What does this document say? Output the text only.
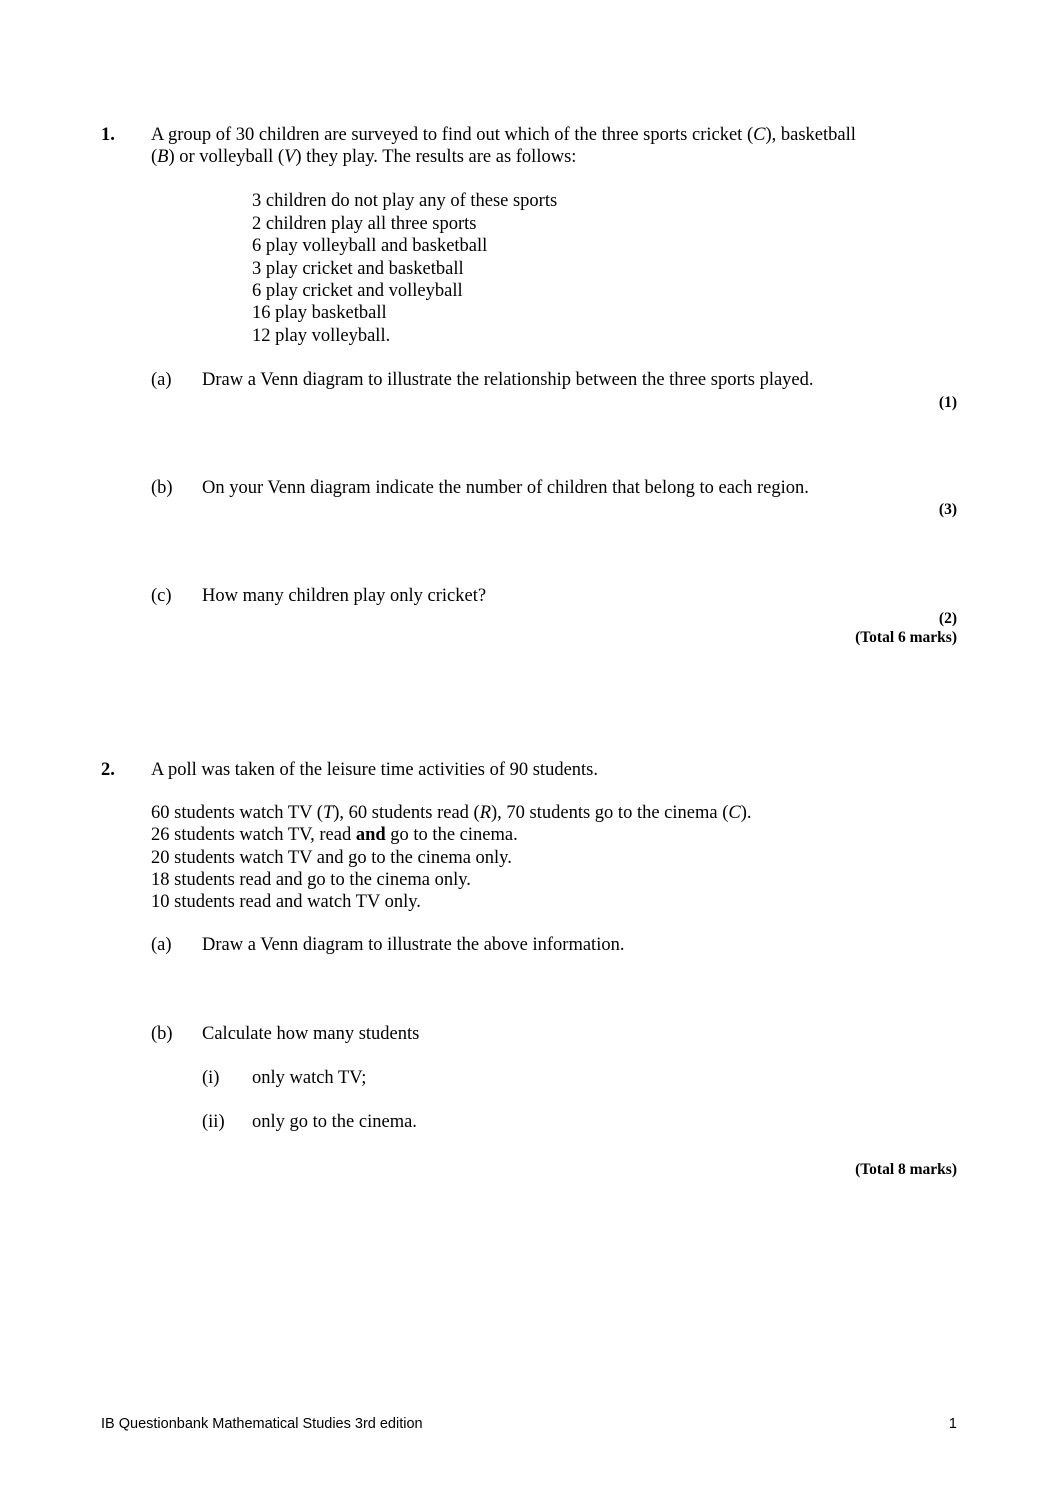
1. A group of 30 children are surveyed to find out which of the three sports cricket (C), basketball
(B) or volleyball (V) they play. The results are as follows:
3 children do not play any of these sports
2 children play all three sports
6 play volleyball and basketball
3 play cricket and basketball
6 play cricket and volleyball
16 play basketball
12 play volleyball.
(a) Draw a Venn diagram to illustrate the relationship between the three sports played.
(1)
(b) On your Venn diagram indicate the number of children that belong to each region.
(3)
(c) How many children play only cricket?
(2)
(Total 6 marks)
2. A poll was taken of the leisure time activities of 90 students.
60 students watch TV (T), 60 students read (R), 70 students go to the cinema (C).
26 students watch TV, read and go to the cinema.
20 students watch TV and go to the cinema only.
18 students read and go to the cinema only.
10 students read and watch TV only.
(a) Draw a Venn diagram to illustrate the above information.
(b) Calculate how many students
(i) only watch TV;
(ii) only go to the cinema.
(Total 8 marks)
IB Questionbank Mathematical Studies 3rd edition	1
